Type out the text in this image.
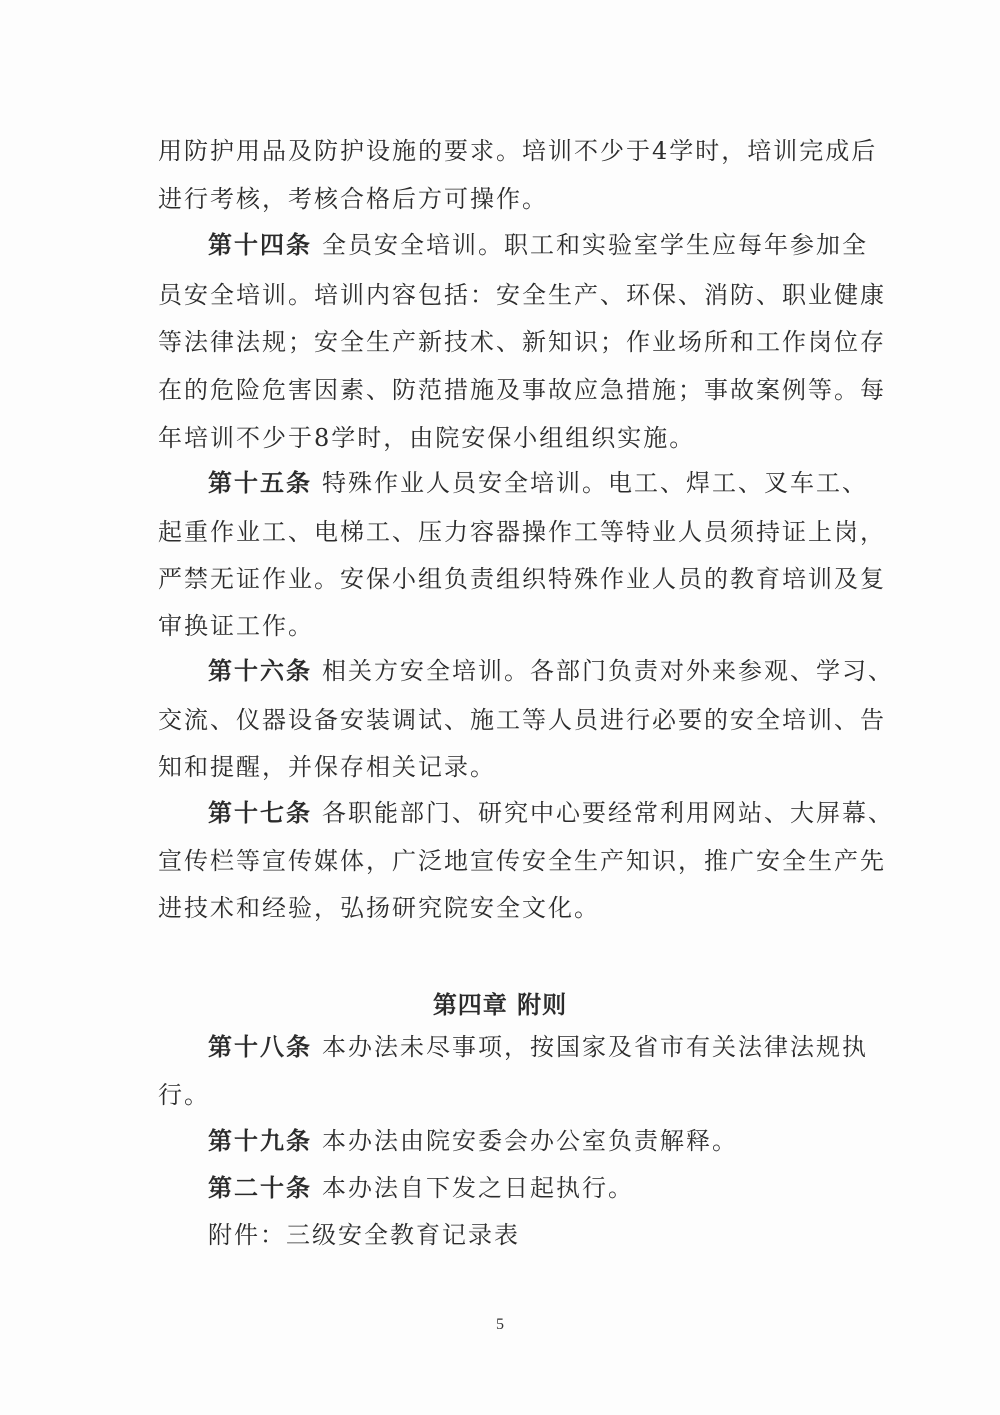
用防护用品及防护设施的要求。培训不少于4学时，培训完成后
进行考核，考核合格后方可操作。
第十四条 全员安全培训。职工和实验室学生应每年参加全
员安全培训。培训内容包括：安全生产、环保、消防、职业健康
等法律法规；安全生产新技术、新知识；作业场所和工作岗位存
在的危险危害因素、防范措施及事故应急措施；事故案例等。每
年培训不少于8学时，由院安保小组组织实施。
第十五条 特殊作业人员安全培训。电工、焊工、叉车工、
起重作业工、电梯工、压力容器操作工等特业人员须持证上岗，
严禁无证作业。安保小组负责组织特殊作业人员的教育培训及复
审换证工作。
第十六条 相关方安全培训。各部门负责对外来参观、学习、
交流、仪器设备安装调试、施工等人员进行必要的安全培训、告
知和提醒，并保存相关记录。
第十七条 各职能部门、研究中心要经常利用网站、大屏幕、
宣传栏等宣传媒体，广泛地宣传安全生产知识，推广安全生产先
进技术和经验，弘扬研究院安全文化。
第四章 附则
第十八条 本办法未尽事项，按国家及省市有关法律法规执
行。
第十九条 本办法由院安委会办公室负责解释。
第二十条 本办法自下发之日起执行。
附件：三级安全教育记录表
5
